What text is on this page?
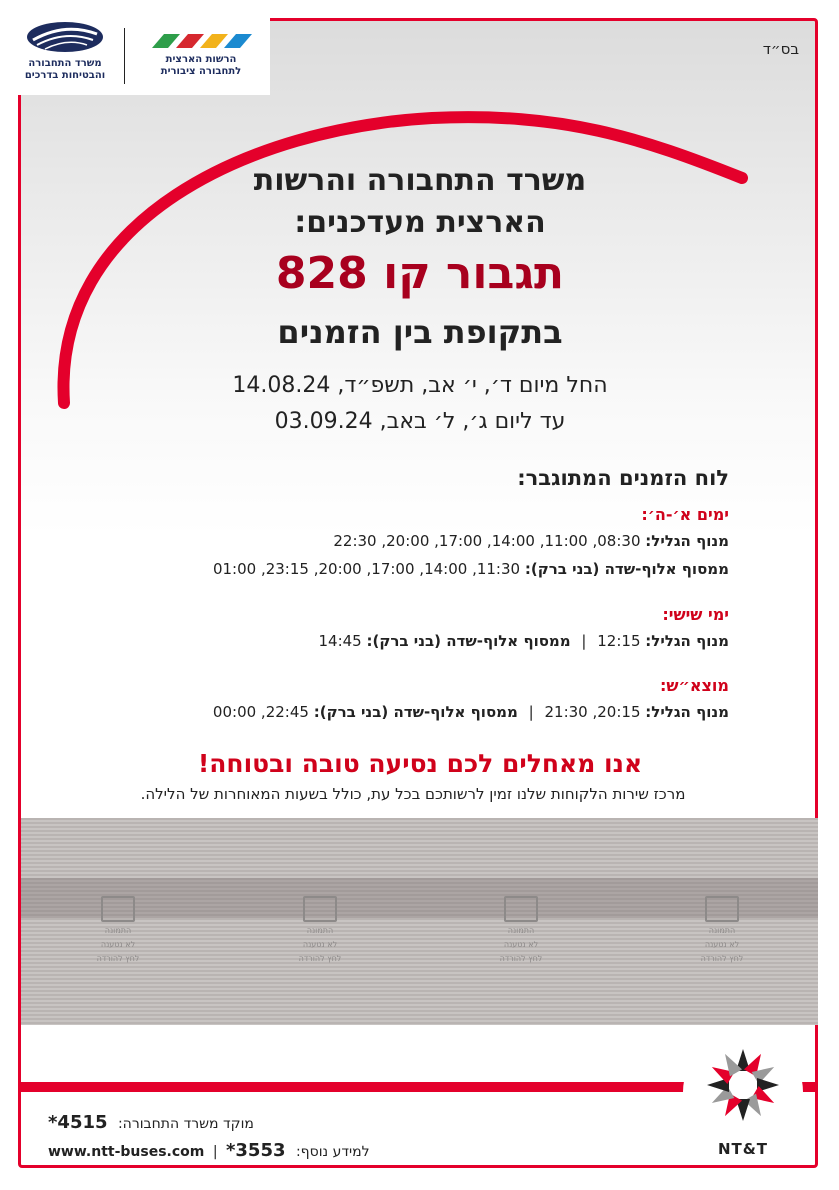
משרד התחבורה
והבטיחות בדרכים
הרשות הארצית
לתחבורה ציבורית
בס״ד
משרד התחבורה והרשות
הארצית מעדכנים:
תגבור קו 828
בתקופת בין הזמנים
החל מיום ד׳, י׳ אב, תשפ״ד, 14.08.24
עד ליום ג׳, ל׳ באב, 03.09.24
לוח הזמנים המתוגבר:
ימים א׳-ה׳:
מנוף הגליל: 08:30, 11:00, 14:00, 17:00, 20:00, 22:30
ממסוף אלוף-שדה (בני ברק): 11:30, 14:00, 17:00, 20:00, 23:15, 01:00
ימי שישי:
מנוף הגליל: 12:15 | ממסוף אלוף-שדה (בני ברק): 14:45
מוצא״ש:
מנוף הגליל: 20:15, 21:30 | ממסוף אלוף-שדה (בני ברק): 22:45, 00:00
אנו מאחלים לכם נסיעה טובה ובטוחה!
מרכז שירות הלקוחות שלנו זמין לרשותכם בכל עת, כולל בשעות המאוחרות של הלילה.
התמונה
לא נטענה
לחץ להורדה
התמונה
לא נטענה
לחץ להורדה
התמונה
לא נטענה
לחץ להורדה
התמונה
לא נטענה
לחץ להורדה
NT&T
*4515 מוקד משרד התחבורה:
www.ntt-buses.com | *3553 למידע נוסף:
